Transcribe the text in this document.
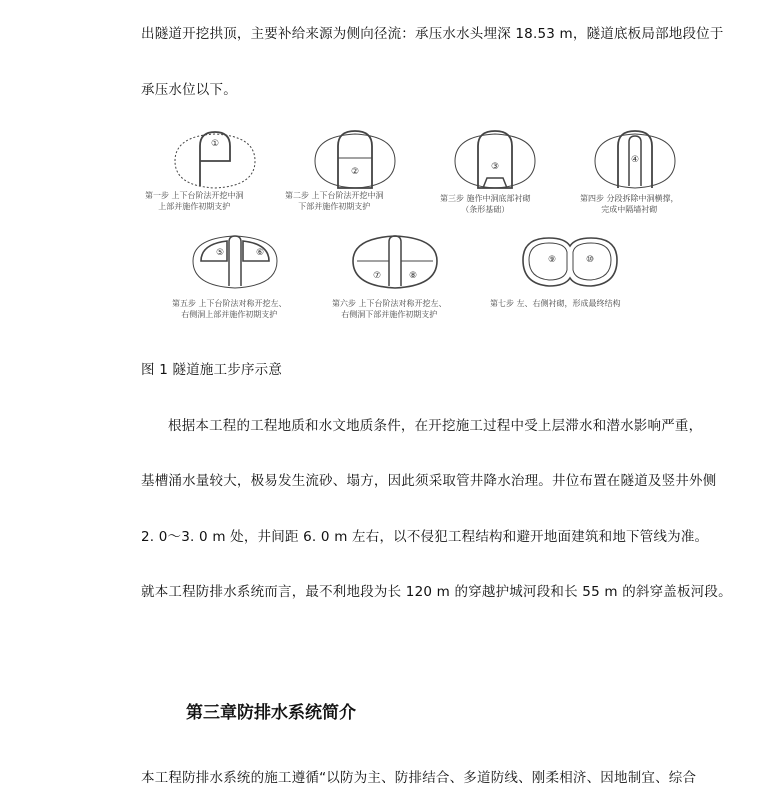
出隧道开挖拱顶，主要补给来源为侧向径流：承压水水头埋深 18.53 m，隧道底板局部地段位于
承压水位以下。
①
②	③
④
⑤	⑥
⑦	⑧
⑨	⑩
第一步 上下台阶法开挖中洞
上部并施作初期支护
第二步 上下台阶法开挖中洞
下部并施作初期支护
第三步 施作中洞底部衬砌
（条形基础）
第四步 分段拆除中洞横撑，
完成中隔墙衬砌
第五步 上下台阶法对称开挖左、
右侧洞上部并施作初期支护
第六步 上下台阶法对称开挖左、
右侧洞下部并施作初期支护
第七步 左、右侧衬砌，形成最终结构
图 1 隧道施工步序示意
根据本工程的工程地质和水文地质条件，在开挖施工过程中受上层滞水和潜水影响严重，
基槽涌水量较大，极易发生流砂、塌方，因此须采取管井降水治理。井位布置在隧道及竖井外侧
2. 0～3. 0 m 处，井间距 6. 0 m 左右，以不侵犯工程结构和避开地面建筑和地下管线为准。
就本工程防排水系统而言，最不利地段为长 120 m 的穿越护城河段和长 55 m 的斜穿盖板河段。
第三章防排水系统简介
本工程防排水系统的施工遵循“以防为主、防排结合、多道防线、刚柔相济、因地制宜、综合
